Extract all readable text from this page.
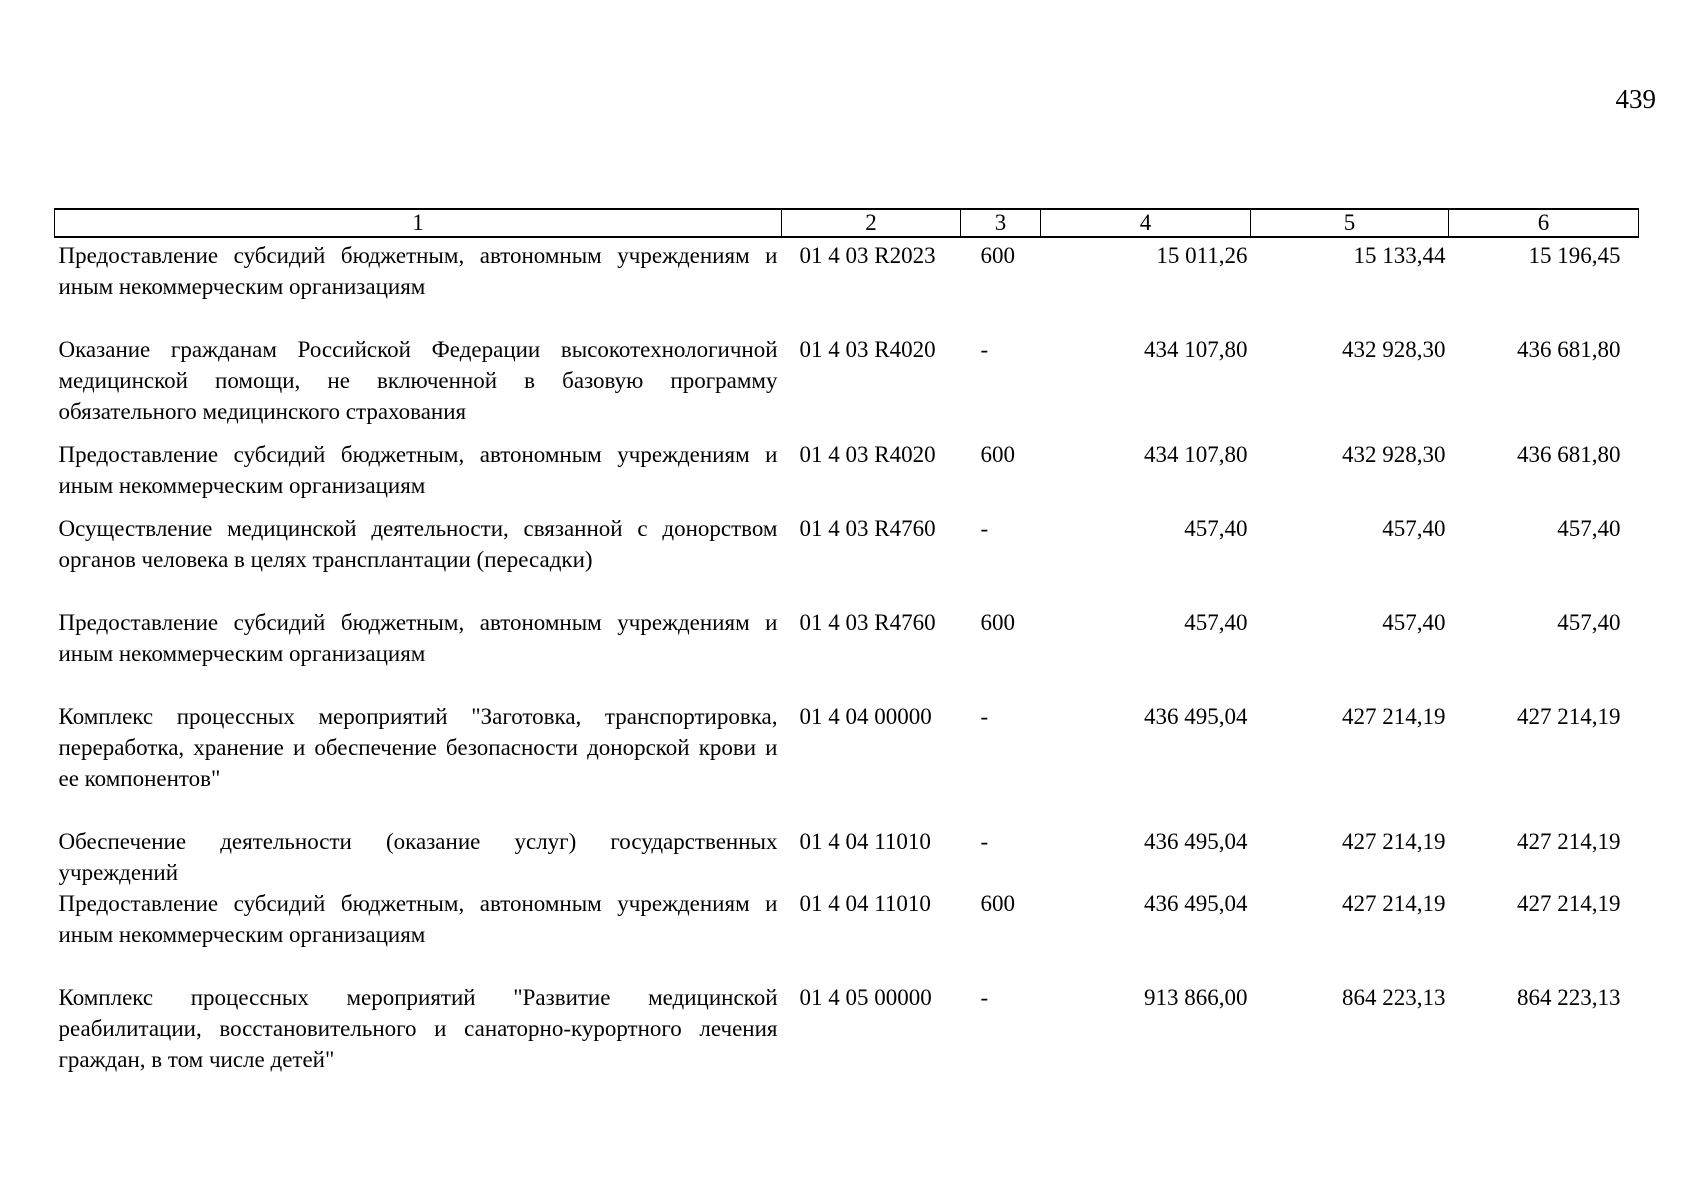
439
1	2	3	4	5	6
Предоставление субсидий бюджетным, автономным учреждениям и иным некоммерческим организациям	01 4 03 R2023	600	15 011,26	15 133,44	15 196,45
Оказание гражданам Российской Федерации высокотехнологичной медицинской помощи, не включенной в базовую программу обязательного медицинского страхования	01 4 03 R4020	-	434 107,80	432 928,30	436 681,80
Предоставление субсидий бюджетным, автономным учреждениям и иным некоммерческим организациям	01 4 03 R4020	600	434 107,80	432 928,30	436 681,80
Осуществление медицинской деятельности, связанной с донорством органов человека в целях трансплантации (пересадки)	01 4 03 R4760	-	457,40	457,40	457,40
Предоставление субсидий бюджетным, автономным учреждениям и иным некоммерческим организациям	01 4 03 R4760	600	457,40	457,40	457,40
Комплекс процессных мероприятий "Заготовка, транспортировка, переработка, хранение и обеспечение безопасности донорской крови и ее компонентов"	01 4 04 00000	-	436 495,04	427 214,19	427 214,19
Обеспечение деятельности (оказание услуг) государственных учреждений	01 4 04 11010	-	436 495,04	427 214,19	427 214,19
Предоставление субсидий бюджетным, автономным учреждениям и иным некоммерческим организациям	01 4 04 11010	600	436 495,04	427 214,19	427 214,19
Комплекс процессных мероприятий "Развитие медицинской реабилитации, восстановительного и санаторно-курортного лечения граждан, в том числе детей"	01 4 05 00000	-	913 866,00	864 223,13	864 223,13
